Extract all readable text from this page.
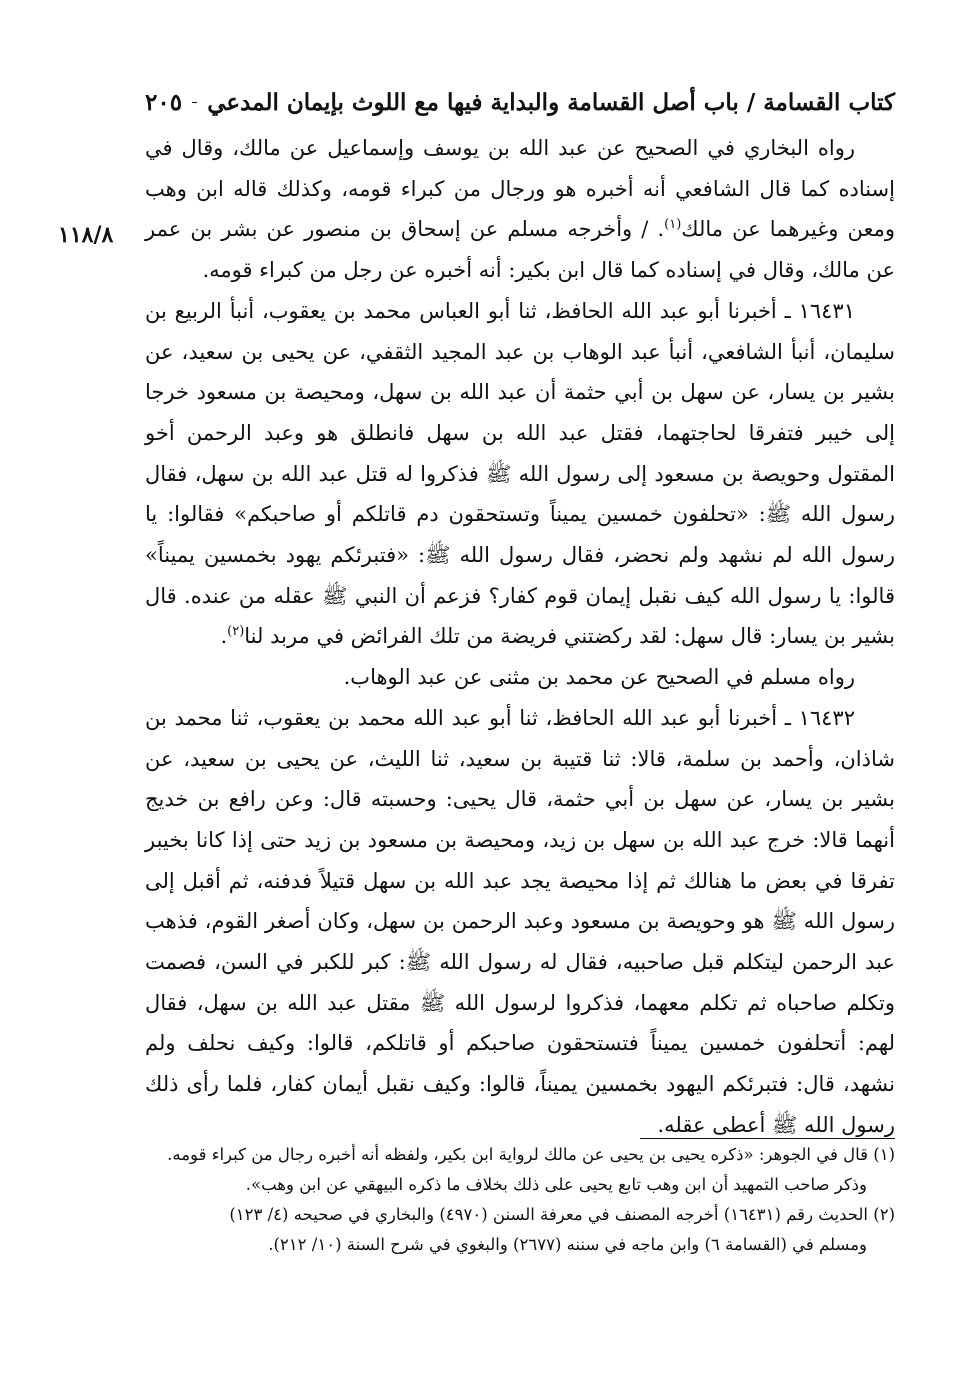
كتاب القسامة / باب أصل القسامة والبداية فيها مع اللوث بإيمان المدعي
٢٠٥
١١٨/٨

رواه البخاري في الصحيح عن عبد الله بن يوسف وإسماعيل عن مالك، وقال في إسناده كما قال الشافعي أنه أخبره هو ورجال من كبراء قومه، وكذلك قاله ابن وهب ومعن وغيرهما عن مالك$^{(١)}$. / وأخرجه مسلم عن إسحاق بن منصور عن بشر بن عمر عن مالك، وقال في إسناده كما قال ابن بكير: أنه أخبره عن رجل من كبراء قومه.

١٦٤٣١ ـ أخبرنا أبو عبد الله الحافظ، ثنا أبو العباس محمد بن يعقوب، أنبأ الربيع بن سليمان، أنبأ الشافعي، أنبأ عبد الوهاب بن عبد المجيد الثقفي، عن يحيى بن سعيد، عن بشير بن يسار، عن سهل بن أبي حثمة أن عبد الله بن سهل، ومحيصة بن مسعود خرجا إلى خيبر فتفرقا لحاجتهما، فقتل عبد الله بن سهل فانطلق هو وعبد الرحمن أخو المقتول وحويصة بن مسعود إلى رسول الله ﷺ فذكروا له قتل عبد الله بن سهل، فقال رسول الله ﷺ: «تحلفون خمسين يميناً وتستحقون دم قاتلكم أو صاحبكم» فقالوا: يا رسول الله لم نشهد ولم نحضر، فقال رسول الله ﷺ: «فتبرئكم يهود بخمسين يميناً» قالوا: يا رسول الله كيف نقبل إيمان قوم كفار؟ فزعم أن النبي ﷺ عقله من عنده. قال بشير بن يسار: قال سهل: لقد ركضتني فريضة من تلك الفرائض في مربد لنا$^{(٢)}$.

رواه مسلم في الصحيح عن محمد بن مثنى عن عبد الوهاب.

١٦٤٣٢ ـ أخبرنا أبو عبد الله الحافظ، ثنا أبو عبد الله محمد بن يعقوب، ثنا محمد بن شاذان، وأحمد بن سلمة، قالا: ثنا قتيبة بن سعيد، ثنا الليث، عن يحيى بن سعيد، عن بشير بن يسار، عن سهل بن أبي حثمة، قال يحيى: وحسبته قال: وعن رافع بن خديج أنهما قالا: خرج عبد الله بن سهل بن زيد، ومحيصة بن مسعود بن زيد حتى إذا كانا بخيبر تفرقا في بعض ما هنالك ثم إذا محيصة يجد عبد الله بن سهل قتيلاً فدفنه، ثم أقبل إلى رسول الله ﷺ هو وحويصة بن مسعود وعبد الرحمن بن سهل، وكان أصغر القوم، فذهب عبد الرحمن ليتكلم قبل صاحبيه، فقال له رسول الله ﷺ: كبر للكبر في السن، فصمت وتكلم صاحباه ثم تكلم معهما، فذكروا لرسول الله ﷺ مقتل عبد الله بن سهل، فقال لهم: أتحلفون خمسين يميناً فتستحقون صاحبكم أو قاتلكم، قالوا: وكيف نحلف ولم نشهد، قال: فتبرئكم اليهود بخمسين يميناً، قالوا: وكيف نقبل أيمان كفار، فلما رأى ذلك رسول الله ﷺ أعطى عقله.

(١) قال في الجوهر: «ذكره يحيى بن يحيى عن مالك لرواية ابن بكير، ولفظه أنه أخبره رجال من كبراء قومه.

وذكر صاحب التمهيد أن ابن وهب تابع يحيى على ذلك بخلاف ما ذكره البيهقي عن ابن وهب».

(٢) الحديث رقم (١٦٤٣١) أخرجه المصنف في معرفة السنن (٤٩٧٠) والبخاري في صحيحه (٤/ ١٢٣)

ومسلم في (القسامة ٦) وابن ماجه في سننه (٢٦٧٧) والبغوي في شرح السنة (١٠/ ٢١٢).
